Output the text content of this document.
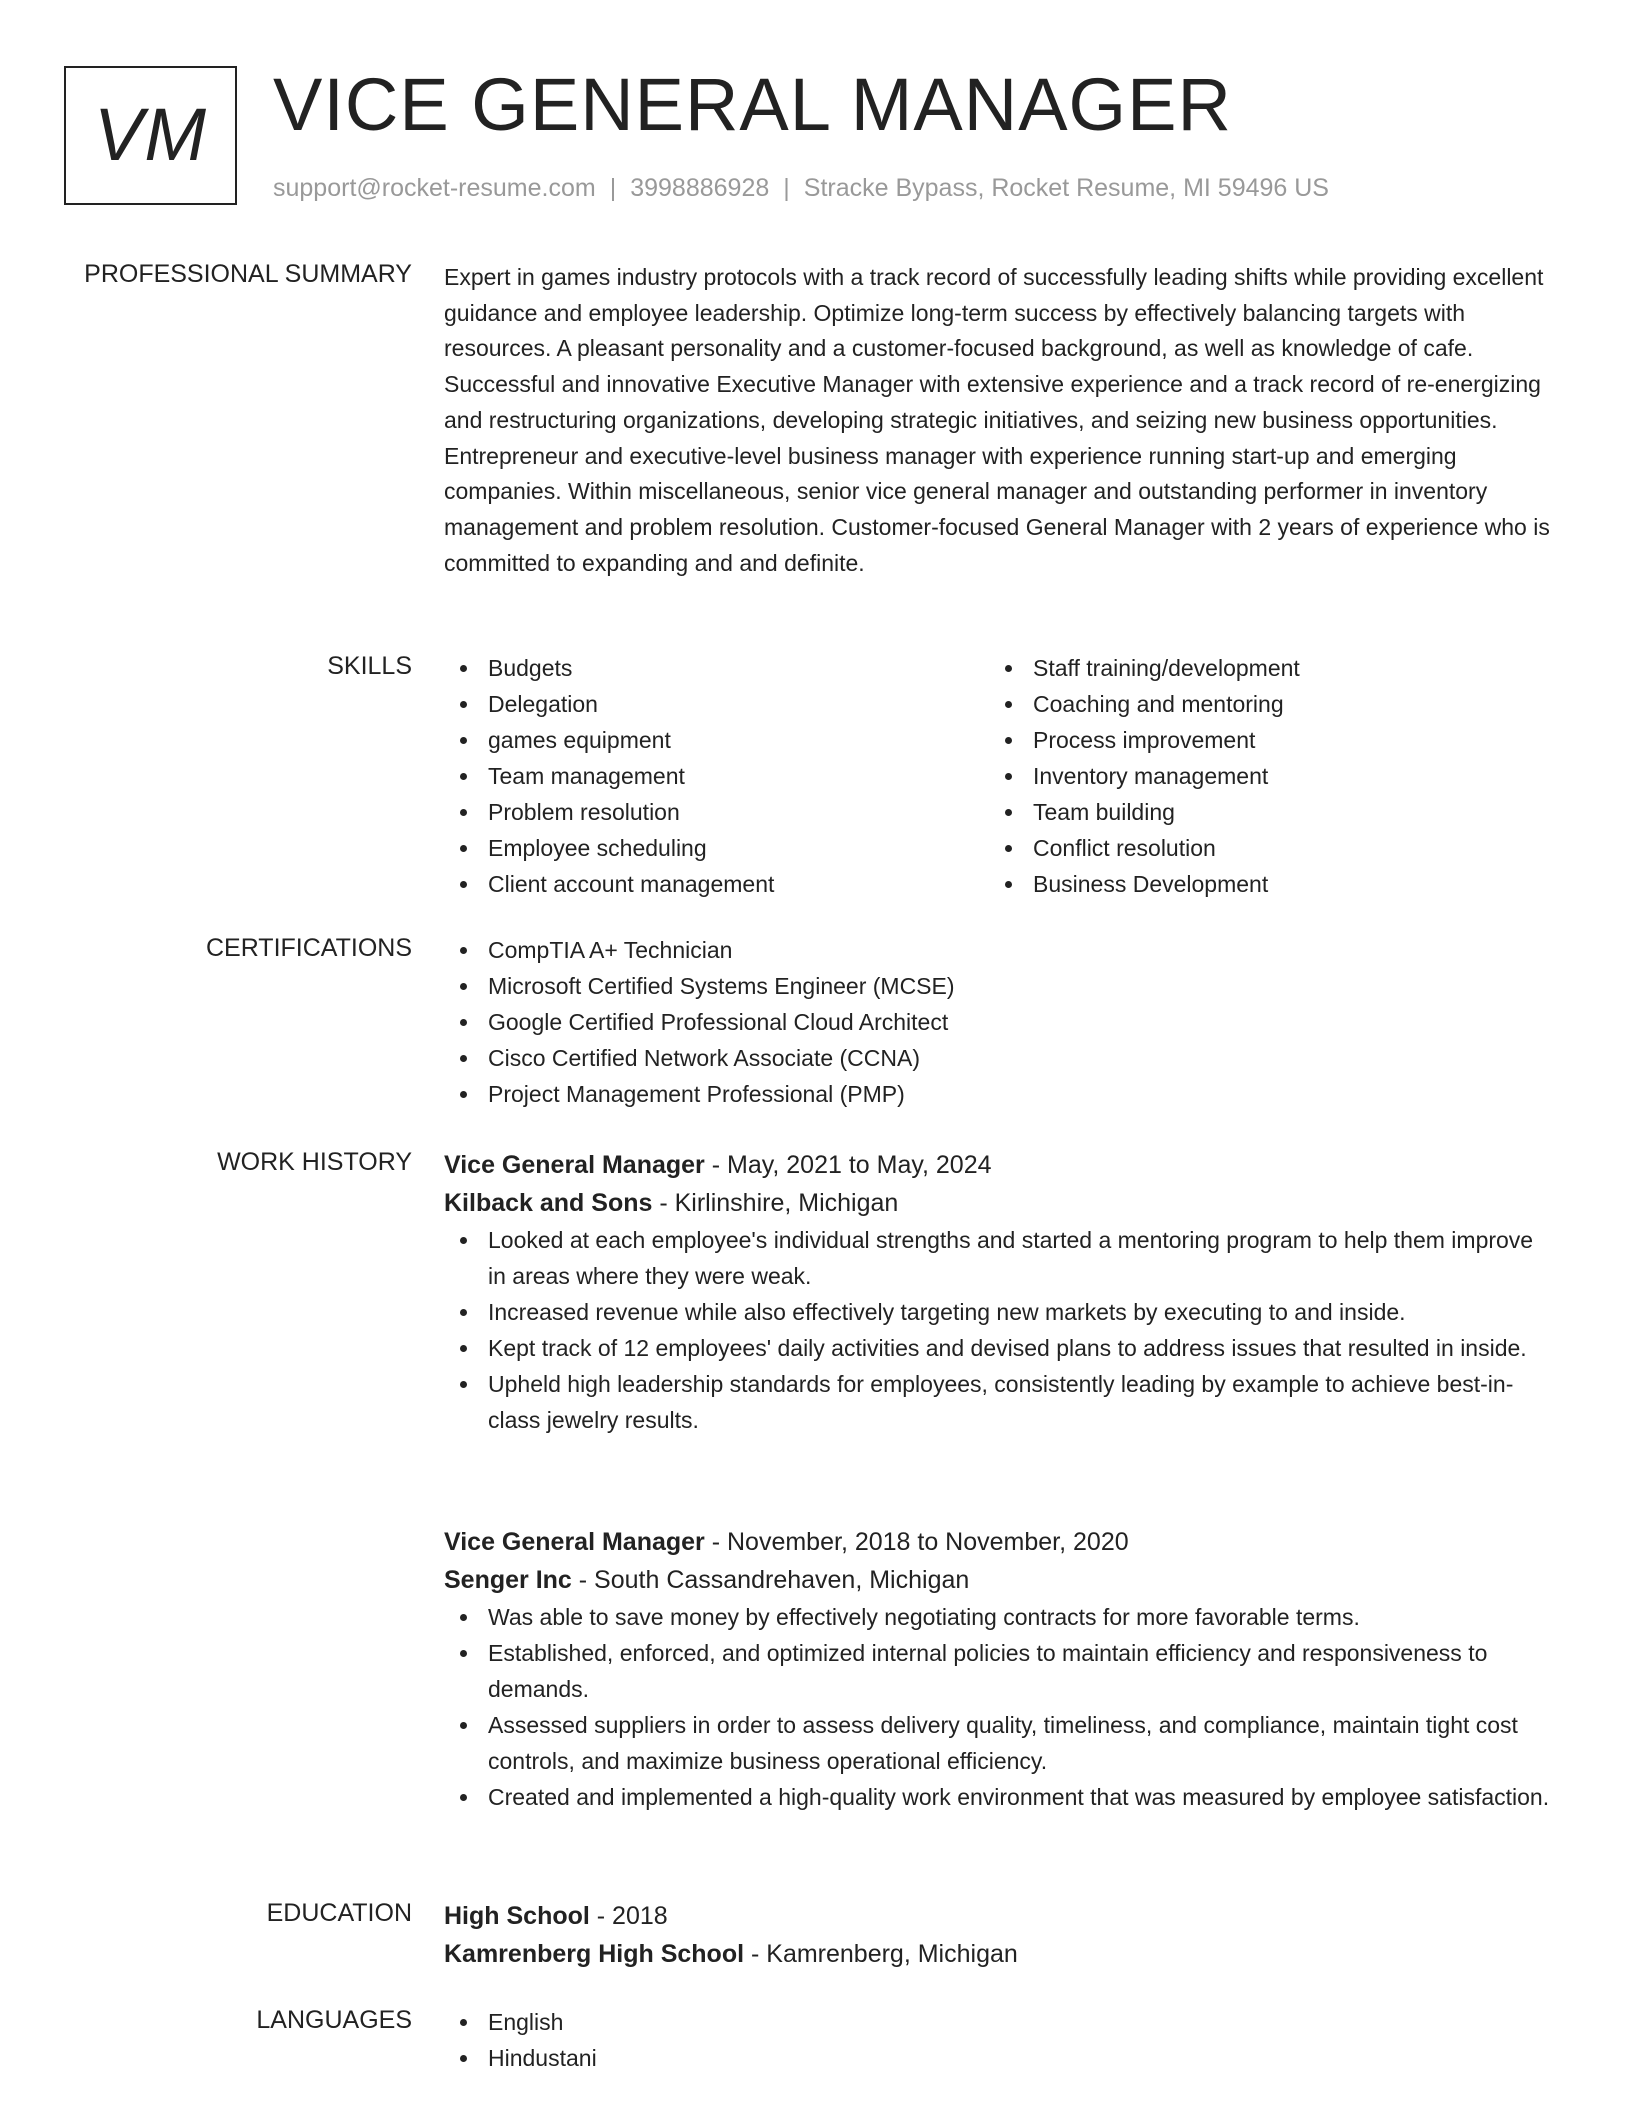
VM VICE GENERAL MANAGER
support@rocket-resume.com | 3998886928 | Stracke Bypass, Rocket Resume, MI 59496 US
PROFESSIONAL SUMMARY Expert in games industry protocols with a track record of successfully leading shifts while providing excellent guidance and employee leadership. Optimize long-term success by effectively balancing targets with resources. A pleasant personality and a customer-focused background, as well as knowledge of cafe. Successful and innovative Executive Manager with extensive experience and a track record of re-energizing and restructuring organizations, developing strategic initiatives, and seizing new business opportunities. Entrepreneur and executive-level business manager with experience running start-up and emerging companies. Within miscellaneous, senior vice general manager and outstanding performer in inventory management and problem resolution. Customer-focused General Manager with 2 years of experience who is committed to expanding and and definite.

SKILLS	Budgets
Delegation
games equipment
Team management
Problem resolution
Employee scheduling
Client account management
Staff training/development
Coaching and mentoring
Process improvement
Inventory management
Team building
Conflict resolution
Business Development
CERTIFICATIONS	CompTIA A+ Technician
Microsoft Certified Systems Engineer (MCSE)
Google Certified Professional Cloud Architect
Cisco Certified Network Associate (CCNA)
Project Management Professional (PMP)
WORK HISTORY Vice General Manager - May, 2021 to May, 2024
Kilback and Sons - Kirlinshire, Michigan
Looked at each employee's individual strengths and started a mentoring program to help them improve in areas where they were weak.
Increased revenue while also effectively targeting new markets by executing to and inside.
Kept track of 12 employees' daily activities and devised plans to address issues that resulted in inside.
Upheld high leadership standards for employees, consistently leading by example to achieve best-in-class jewelry results.
Vice General Manager - November, 2018 to November, 2020
Senger Inc - South Cassandrehaven, Michigan
Was able to save money by effectively negotiating contracts for more favorable terms.
Established, enforced, and optimized internal policies to maintain efficiency and responsiveness to demands.
Assessed suppliers in order to assess delivery quality, timeliness, and compliance, maintain tight cost controls, and maximize business operational efficiency.
Created and implemented a high-quality work environment that was measured by employee satisfaction.
EDUCATION High School - 2018
Kamrenberg High School - Kamrenberg, Michigan
LANGUAGES	English
Hindustani
